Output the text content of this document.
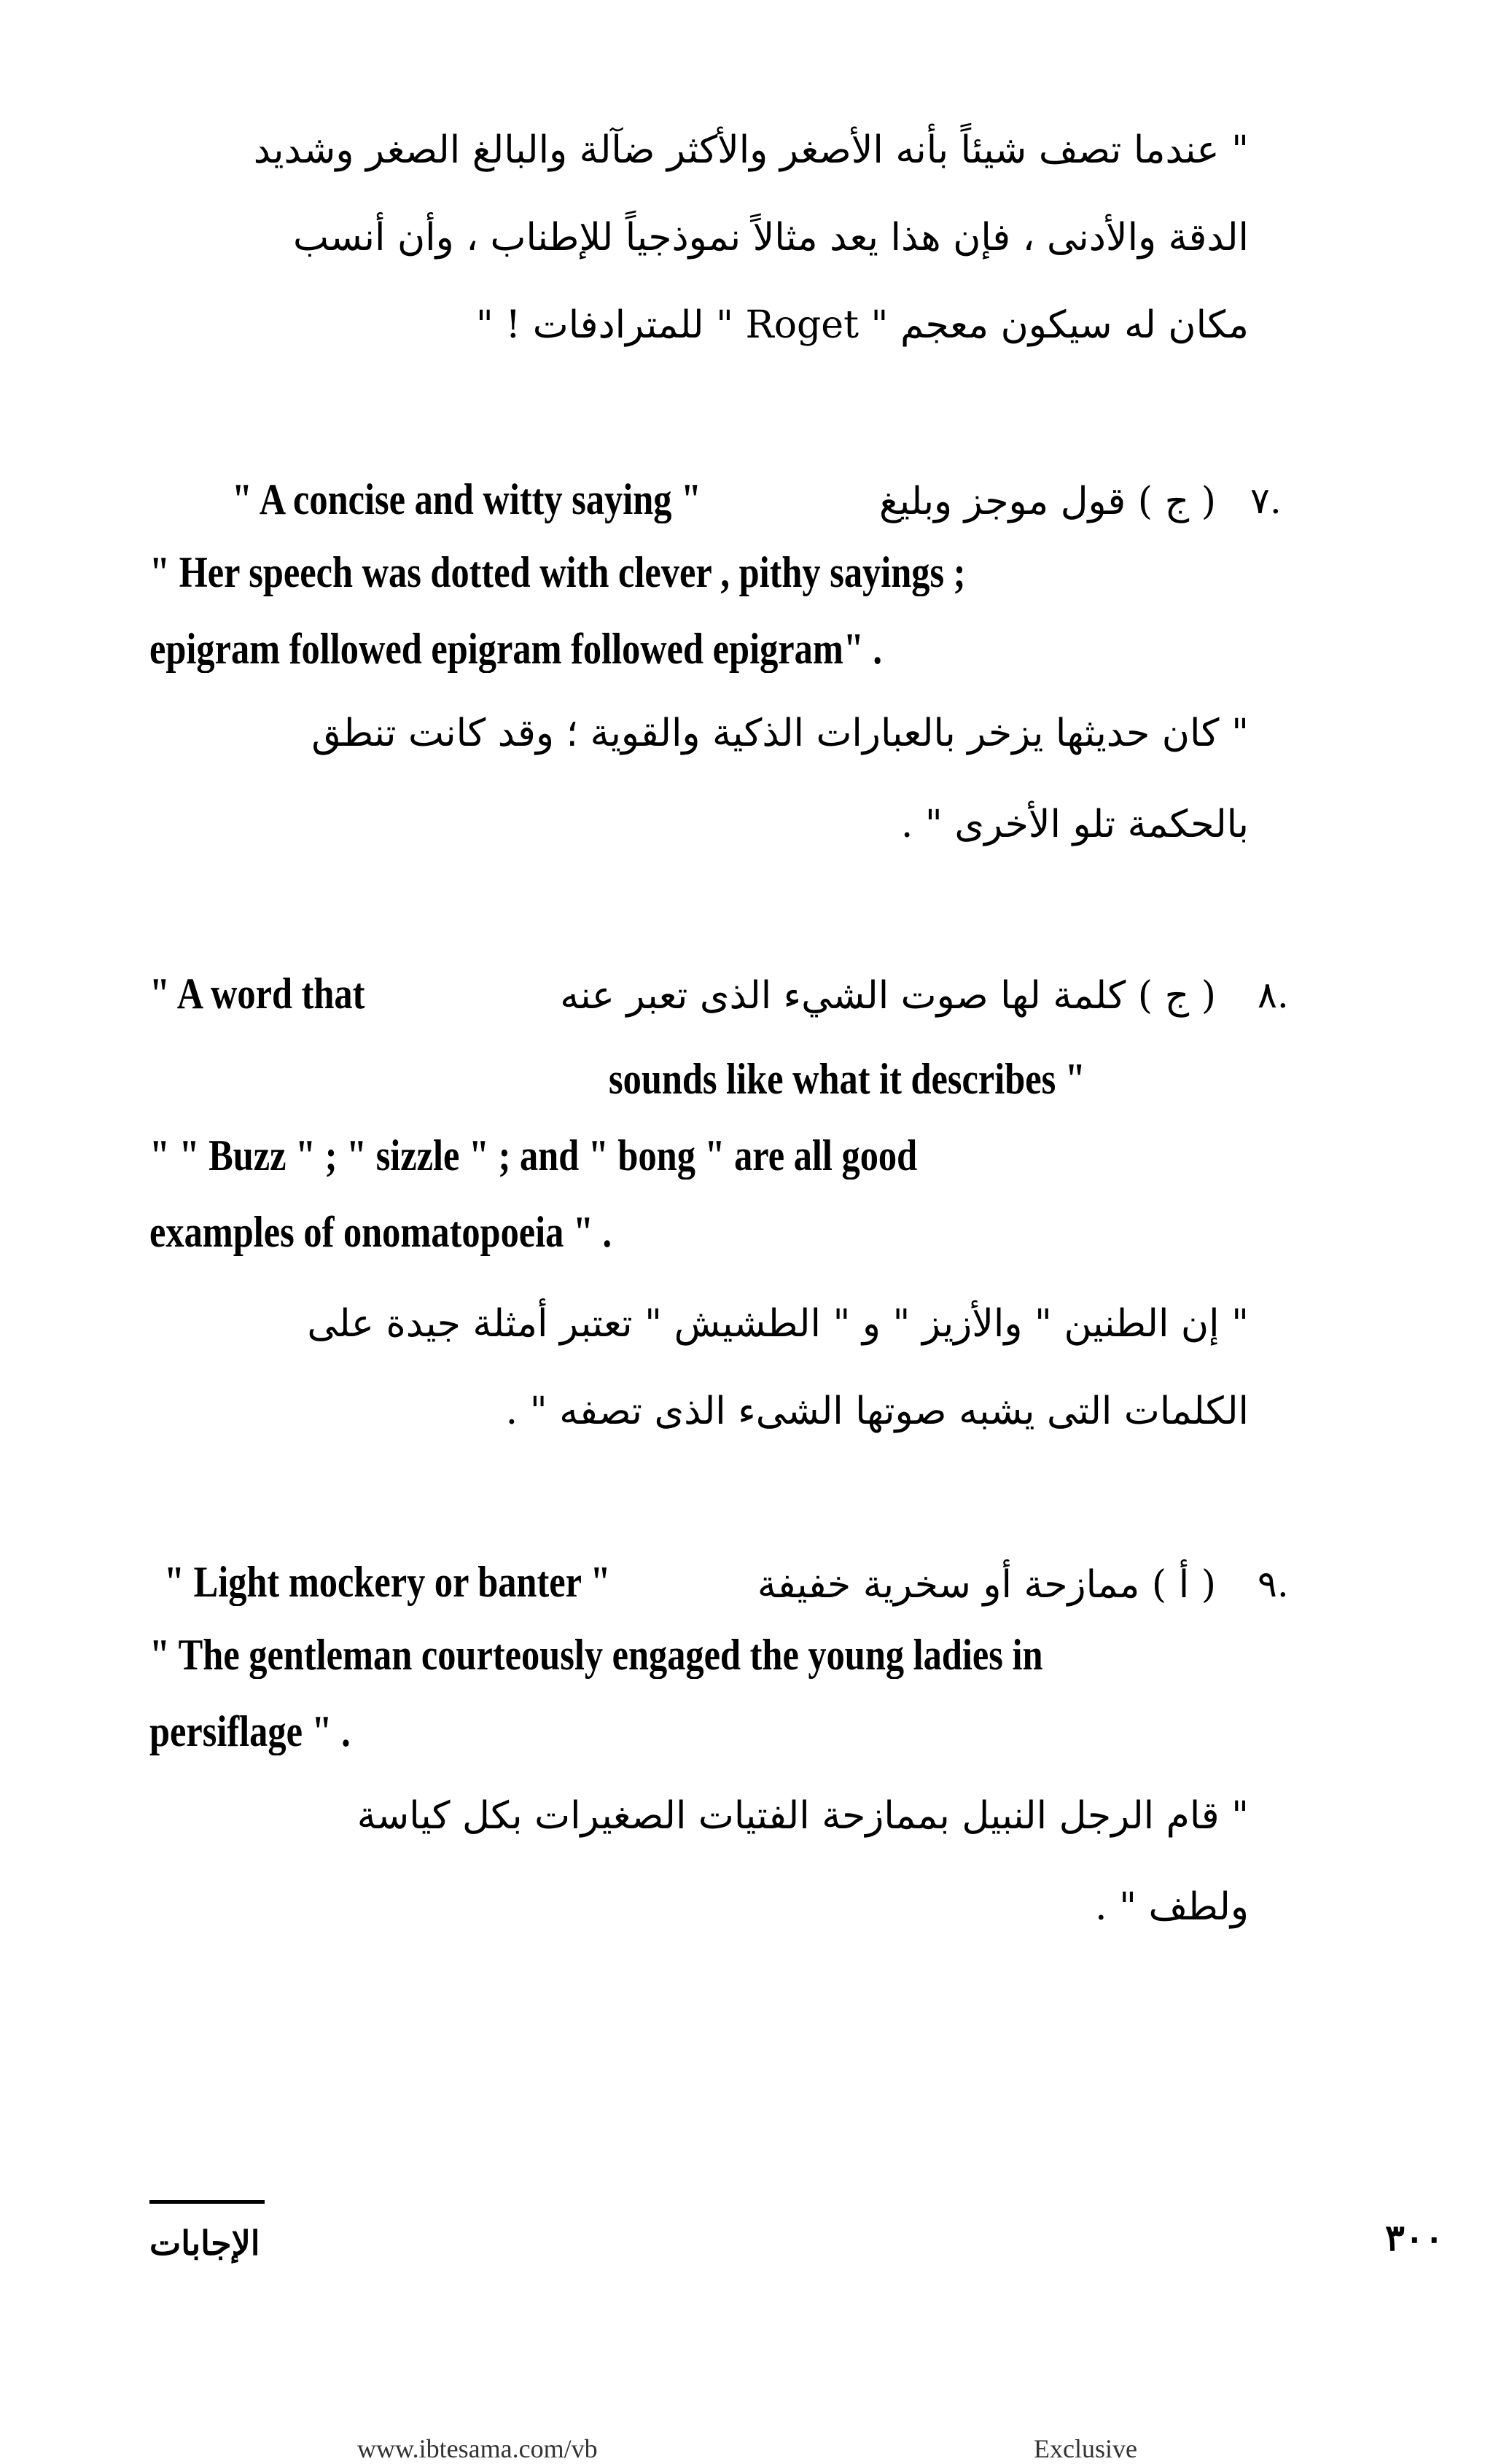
" عندما تصف شيئاً بأنه الأصغر والأكثر ضآلة والبالغ الصغر وشديد
الدقة والأدنى ، فإن هذا يعد مثالاً نموذجياً للإطناب ، وأن أنسب
مكان له سيكون معجم " Roget " للمترادفات ! "
٧.
( ج ) قول موجز وبليغ
" A concise and witty saying "
" Her speech was dotted with clever , pithy sayings ;
epigram followed epigram followed epigram" .
" كان حديثها يزخر بالعبارات الذكية والقوية ؛ وقد كانت تنطق
بالحكمة تلو الأخرى " .
٨.
( ج ) كلمة لها صوت الشيء الذى تعبر عنه
" A word that
sounds like what it describes "
" " Buzz " ; " sizzle " ; and " bong " are all good
examples of onomatopoeia " .
" إن الطنين " والأزيز " و " الطشيش " تعتبر أمثلة جيدة على
الكلمات التى يشبه صوتها الشىء الذى تصفه " .
٩.
( أ ) ممازحة أو سخرية خفيفة
" Light mockery or banter "
" The gentleman courteously engaged the young ladies in
persiflage " .
" قام الرجل النبيل بممازحة الفتيات الصغيرات بكل كياسة
ولطف " .
الإجابات	٣٠٠
www.ibtesama.com/vb	Exclusive
